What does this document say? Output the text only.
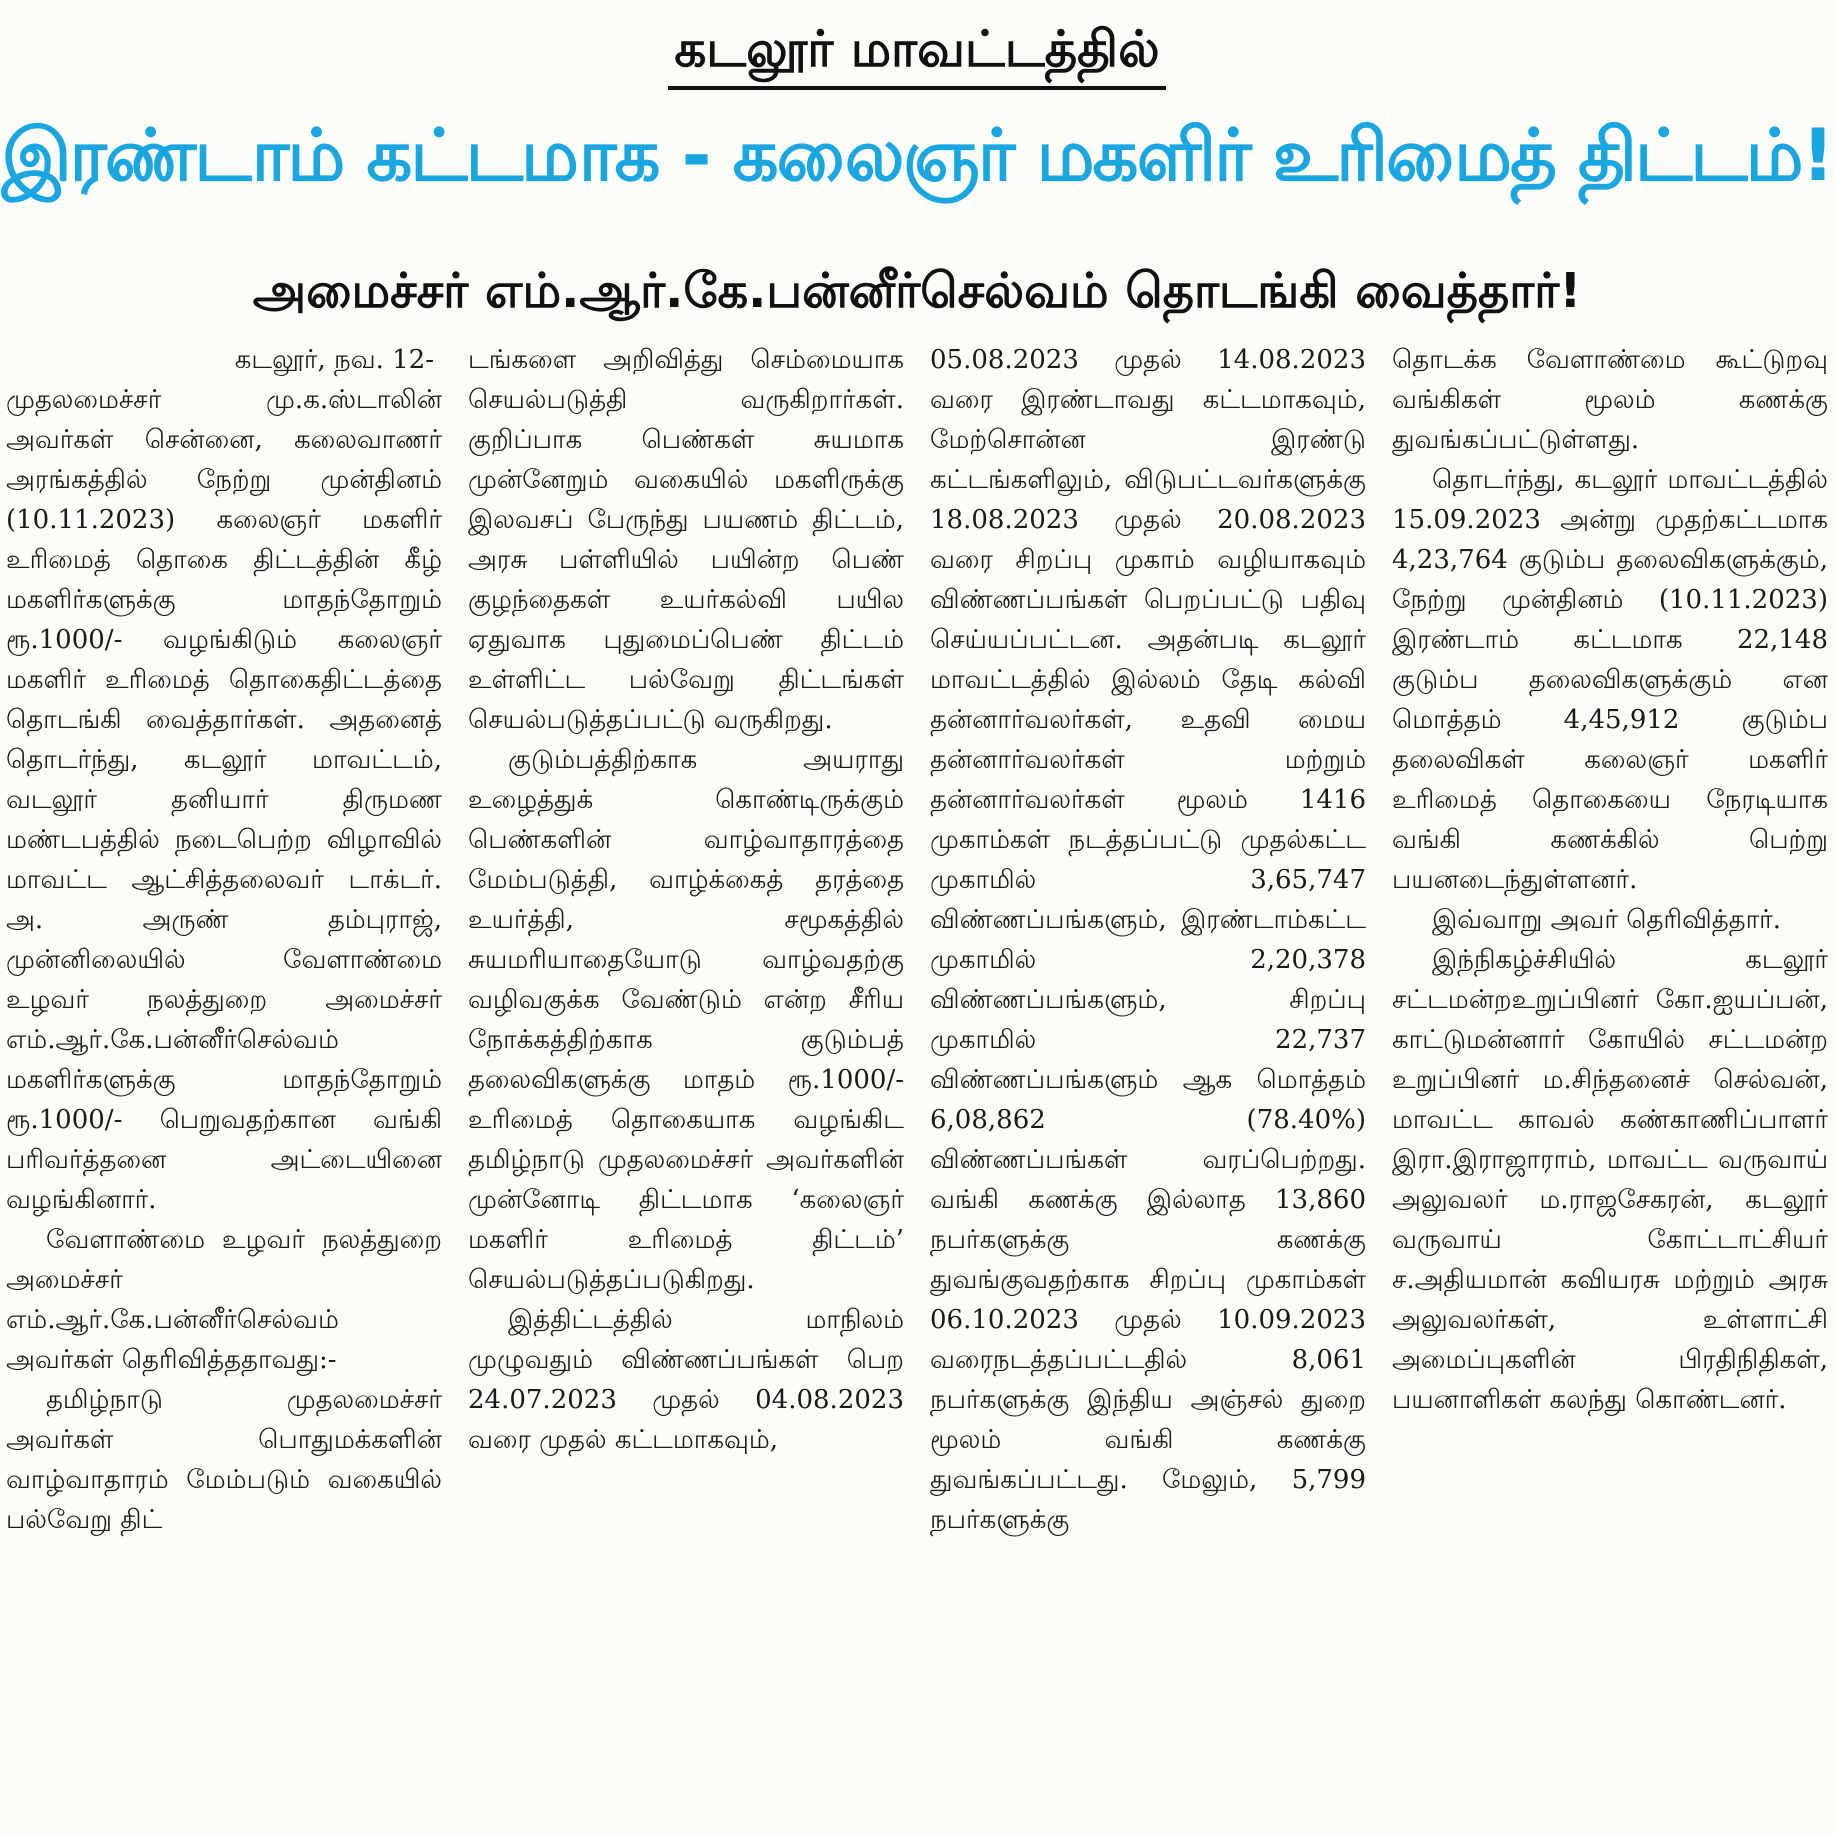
கடலூர் மாவட்டத்தில்
இரண்டாம் கட்டமாக - கலைஞர் மகளிர் உரிமைத் திட்டம்!
அமைச்சர் எம்.ஆர்.கே.பன்னீர்செல்வம் தொடங்கி வைத்தார்!
கடலூர், நவ. 12-

முதலமைச்சர் மு.க.ஸ்டாலின் அவர்கள் சென்னை, கலைவாணர் அரங்கத்தில் நேற்று முன்தினம் (10.11.2023) கலைஞர் மகளிர் உரிமைத் தொகை திட்டத்தின் கீழ் மகளிர்களுக்கு மாதந்தோறும் ரூ.1000/- வழங்கிடும் கலைஞர் மகளிர் உரிமைத் தொகைதிட்டத்தை தொடங்கி வைத்தார்கள். அதனைத் தொடர்ந்து, கடலூர் மாவட்டம், வடலூர் தனியார் திருமண மண்டபத்தில் நடைபெற்ற விழாவில் மாவட்ட ஆட்சித்தலைவர் டாக்டர். அ. அருண் தம்புராஜ், முன்னிலையில் வேளாண்மை உழவர் நலத்துறை அமைச்சர் எம்.ஆர்.கே.பன்னீர்செல்வம் மகளிர்களுக்கு மாதந்தோறும் ரூ.1000/- பெறுவதற்கான வங்கி பரிவர்த்தனை அட்டையினை வழங்கினார்.

வேளாண்மை உழவர் நலத்துறை அமைச்சர் எம்.ஆர்.கே.பன்னீர்செல்வம் அவர்கள் தெரிவித்ததாவது:-

தமிழ்நாடு முதலமைச்சர் அவர்கள் பொதுமக்களின் வாழ்வாதாரம் மேம்படும் வகையில் பல்வேறு திட்

டங்களை அறிவித்து செம்மையாக செயல்படுத்தி வருகிறார்கள். குறிப்பாக பெண்கள் சுயமாக முன்னேறும் வகையில் மகளிருக்கு இலவசப் பேருந்து பயணம் திட்டம், அரசு பள்ளியில் பயின்ற பெண் குழந்தைகள் உயர்கல்வி பயில ஏதுவாக புதுமைப்பெண் திட்டம் உள்ளிட்ட பல்வேறு திட்டங்கள் செயல்படுத்தப்பட்டு வருகிறது.

குடும்பத்திற்காக அயராது உழைத்துக் கொண்டிருக்கும் பெண்களின் வாழ்வாதாரத்தை மேம்படுத்தி, வாழ்க்கைத் தரத்தை உயர்த்தி, சமூகத்தில் சுயமரியாதையோடு வாழ்வதற்கு வழிவகுக்க வேண்டும் என்ற சீரிய நோக்கத்திற்காக குடும்பத் தலைவிகளுக்கு மாதம் ரூ.1000/- உரிமைத் தொகையாக வழங்கிட தமிழ்நாடு முதலமைச்சர் அவர்களின் முன்னோடி திட்டமாக ‘கலைஞர் மகளிர் உரிமைத் திட்டம்’ செயல்படுத்தப்படுகிறது.

இத்திட்டத்தில் மாநிலம் முழுவதும் விண்ணப்பங்கள் பெற 24.07.2023 முதல் 04.08.2023 வரை முதல் கட்டமாகவும்,

05.08.2023 முதல் 14.08.2023 வரை இரண்டாவது கட்டமாகவும், மேற்சொன்ன இரண்டு கட்டங்களிலும், விடுபட்டவர்களுக்கு 18.08.2023 முதல் 20.08.2023 வரை சிறப்பு முகாம் வழியாகவும் விண்ணப்பங்கள் பெறப்பட்டு பதிவு செய்யப்பட்டன. அதன்படி கடலூர் மாவட்டத்தில் இல்லம் தேடி கல்வி தன்னார்வலர்கள், உதவி மைய தன்னார்வலர்கள் மற்றும் தன்னார்வலர்கள் மூலம் 1416 முகாம்கள் நடத்தப்பட்டு முதல்கட்ட முகாமில் 3,65,747 விண்ணப்பங்களும், இரண்டாம்கட்ட முகாமில் 2,20,378 விண்ணப்பங்களும், சிறப்பு முகாமில் 22,737 விண்ணப்பங்களும் ஆக மொத்தம் 6,08,862 (78.40%) விண்ணப்பங்கள் வரப்பெற்றது. வங்கி கணக்கு இல்லாத 13,860 நபர்களுக்கு கணக்கு துவங்குவதற்காக சிறப்பு முகாம்கள் 06.10.2023 முதல் 10.09.2023 வரைநடத்தப்பட்டதில் 8,061 நபர்களுக்கு இந்திய அஞ்சல் துறை மூலம் வங்கி கணக்கு துவங்கப்பட்டது. மேலும், 5,799 நபர்களுக்கு

தொடக்க வேளாண்மை கூட்டுறவு வங்கிகள் மூலம் கணக்கு துவங்கப்பட்டுள்ளது.

தொடர்ந்து, கடலூர் மாவட்டத்தில் 15.09.2023 அன்று முதற்கட்டமாக 4,23,764 குடும்ப தலைவிகளுக்கும், நேற்று முன்தினம் (10.11.2023) இரண்டாம் கட்டமாக 22,148 குடும்ப தலைவிகளுக்கும் என மொத்தம் 4,45,912 குடும்ப தலைவிகள் கலைஞர் மகளிர் உரிமைத் தொகையை நேரடியாக வங்கி கணக்கில் பெற்று பயனடைந்துள்ளனர்.

இவ்வாறு அவர் தெரிவித்தார்.

இந்நிகழ்ச்சியில் கடலூர் சட்டமன்றஉறுப்பினர் கோ.ஐயப்பன், காட்டுமன்னார் கோயில் சட்டமன்ற உறுப்பினர் ம.சிந்தனைச் செல்வன், மாவட்ட காவல் கண்காணிப்பாளர் இரா.இராஜாராம், மாவட்ட வருவாய் அலுவலர் ம.ராஜசேகரன், கடலூர் வருவாய் கோட்டாட்சியர் ச.அதியமான் கவியரசு மற்றும் அரசு அலுவலர்கள், உள்ளாட்சி அமைப்புகளின் பிரதிநிதிகள், பயனாளிகள் கலந்து கொண்டனர்.
